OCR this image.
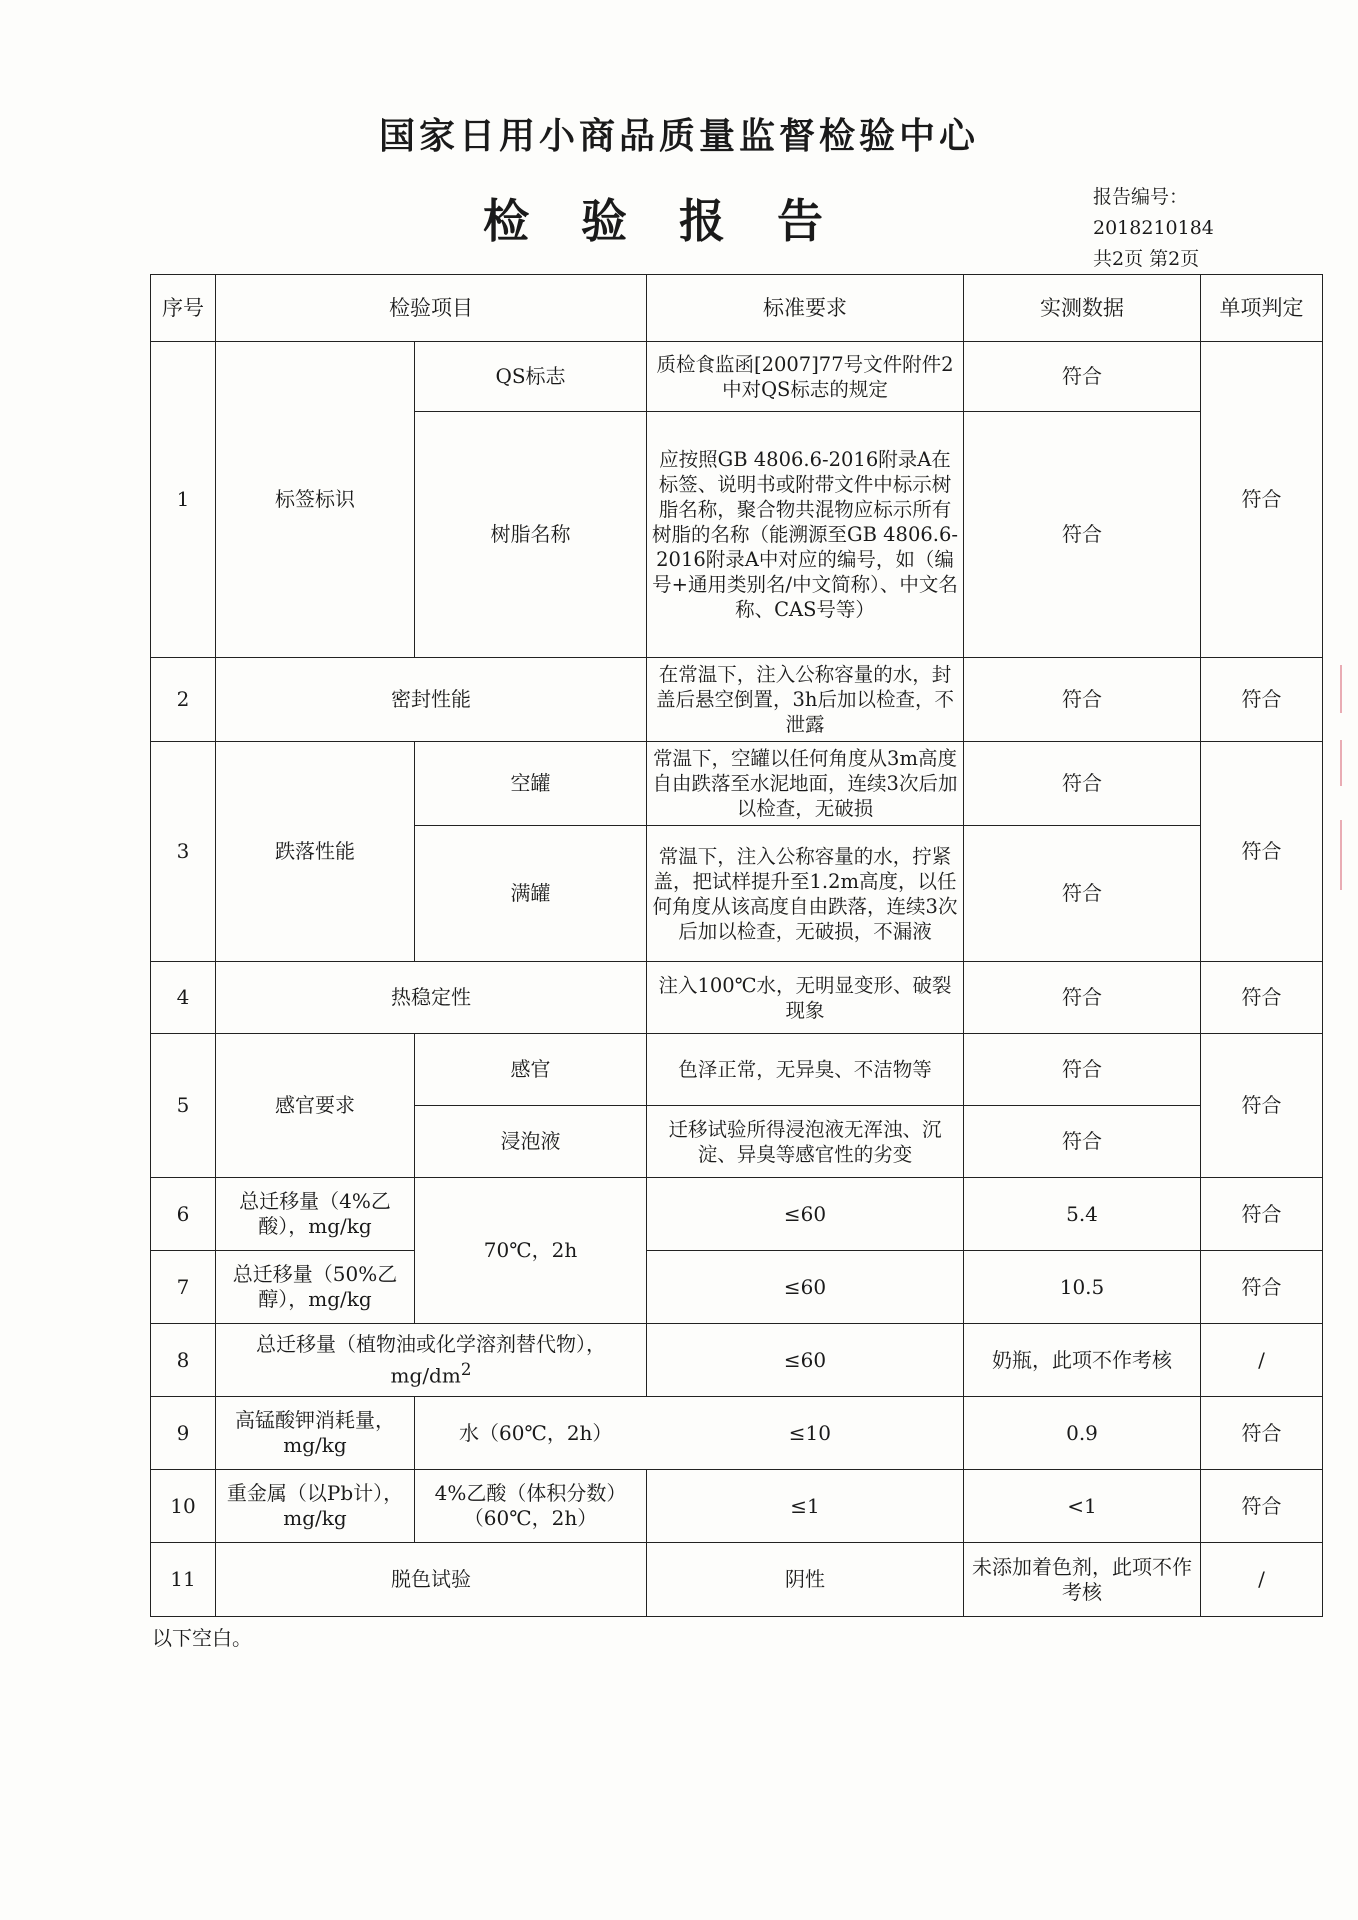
国家日用小商品质量监督检验中心
检验报告	报告编号：
2018210184
共2页 第2页
序号	检验项目		标准要求	实测数据	单项判定
1	标签标识	QS标志	质检食监函[2007]77号文件附件2中对QS标志的规定	符合	符合
		树脂名称	应按照GB 4806.6-2016附录A在标签、说明书或附带文件中标示树脂名称，聚合物共混物应标示所有树脂的名称（能溯源至GB 4806.6-2016附录A中对应的编号，如（编号+通用类别名/中文简称）、中文名称、CAS号等）	符合	
2	密封性能		在常温下，注入公称容量的水，封盖后悬空倒置，3h后加以检查，不泄露	符合	符合
3	跌落性能	空罐	常温下，空罐以任何角度从3m高度自由跌落至水泥地面，连续3次后加以检查，无破损	符合	符合
		满罐	常温下，注入公称容量的水，拧紧盖，把试样提升至1.2m高度，以任何角度从该高度自由跌落，连续3次后加以检查，无破损，不漏液	符合	
4	热稳定性		注入100℃水，无明显变形、破裂现象	符合	符合
5	感官要求	感官	色泽正常，无异臭、不洁物等	符合	符合
		浸泡液	迁移试验所得浸泡液无浑浊、沉淀、异臭等感官性的劣变	符合	
6	总迁移量（4%乙酸），mg/kg	70℃，2h	≤60	5.4	符合
7	总迁移量（50%乙醇），mg/kg		≤60	10.5	符合
8	总迁移量（植物油或化学溶剂替代物），
$mg/dm^2$		≤60	奶瓶，此项不作考核	/
9	高锰酸钾消耗量，mg/kg	水（60℃，2h） ≤10		0.9	符合
10	重金属（以Pb计），mg/kg	4%乙酸（体积分数）（60℃，2h）	≤1	<1	符合
11	脱色试验		阴性	未添加着色剂，此项不作考核	/
以下空白。
